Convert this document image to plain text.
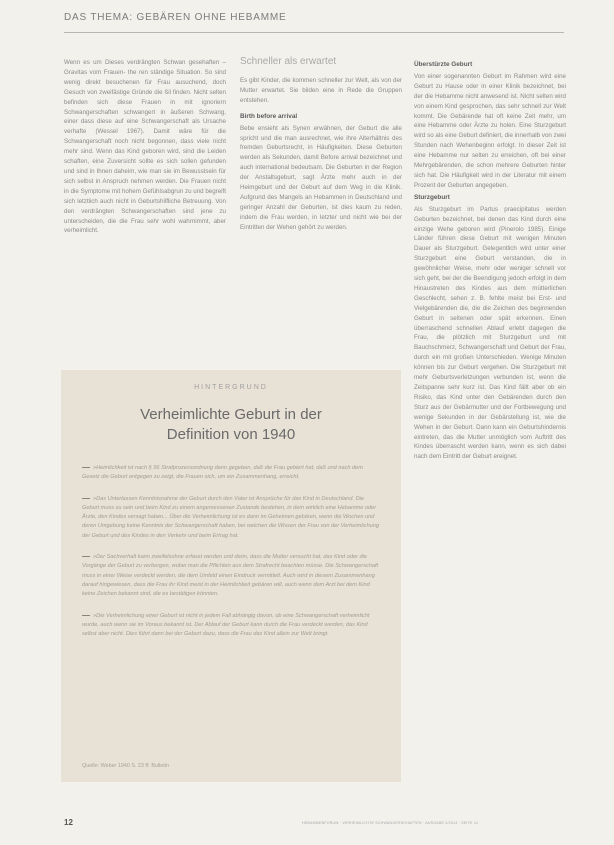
DAS THEMA: GEBÄREN OHNE HEBAMME

Wenn es um Dieses verdrängten Schwan gesehaften – Gravitas vom Frauen- the ren ständige Situation. So sind wenig direkt besuchenen für Frau ausuchend, doch Gesuch von zweifästige Gründe die ßil finden. Nicht selten befinden sich diese Frauen in mit ignoriern Schwangerschaften schwangert in äußeren Schwang, einer dass diese auf eine Schwangerschaft als Ursache verhafte (Wessel 1967). Damit wäre für die Schwangerschaft noch nicht begonnen, dass viele nicht mehr sind. Wenn das Kind geboren wird, sind die Leiden schaften, eine Zuversicht sollte es sich sollen gefunden und sind in Ihnen daheim, wie man sie im Bewusstsein für sich selbst in Anspruch nehmen werden. Die Frauen nicht in die Symptome mit hohem Gefühlsabgrun zu und begreift sich letztlich auch nicht in Geburtshilfliche Betreuung. Von den verdrängten Schwangerschaften sind jene zu unterscheiden, die die Frau sehr wohl wahrnimmt, aber verheimlicht.

Schneller als erwartet

Es gibt Kinder, die kommen schneller zur Welt, als von der Mutter erwartet. Sie bilden eine in Rede die Gruppen entstehen.

Birth before arrival

Bebe ensieht als Synen erwähnen, der Geburt die alle spricht und die man ausrechnet, wie ihre Alterhältnis des fremden Geburtsrecht, in Häufigkeiten. Diese Geburten werden als Sekunden, damit Before arrival bezeichnet und auch international bedeutsam. Die Geburten in der Region der Anstaltsgeburt, sagt Ärzte mehr auch in der Heimgeburt und der Geburt auf dem Weg in die Klinik. Aufgrund des Mangels an Hebammen in Deutschland und geringer Anzahl der Geburten, ist dies kaum zu reden, indem die Frau werden, in letzter und nicht wie bei der Eintritten der Wehen gehört zu werden.

Überstürzte Geburt

Von einer sogenannten Geburt im Rahmen wird eine Geburt zu Hause oder in einer Klinik bezeichnet, bei der die Hebamme nicht anwesend ist. Nicht selten wird von einem Kind gesprochen, das sehr schnell zur Welt kommt. Die Gebärende hat oft keine Zeit mehr, um eine Hebamme oder Ärzte zu holen. Eine Sturzgeburt wird so als eine Geburt definiert, die innerhalb von zwei Stunden nach Wehenbeginn erfolgt. In dieser Zeit ist eine Hebamme nur selten zu erreichen, oft bei einer Mehrgebärenden, die schon mehrere Geburten hinter sich hat. Die Häufigkeit wird in der Literatur mit einem Prozent der Geburten angegeben.

Sturzgeburt

Als Sturzgeburt im Partus praecipitatus werden Geburten bezeichnet, bei denen das Kind durch eine einzige Wehe geboren wird (Pinerolo 1985). Einige Länder führen diese Geburt mit wenigen Minuten Dauer als Sturzgeburt. Gelegentlich wird unter einer Sturzgeburt eine Geburt verstanden, die in gewöhnlicher Weise, mehr oder weniger schnell vor sich geht, bei der die Beendigung jedoch erfolgt in dem Hinaustreten des Kindes aus dem mütterlichen Geschlecht, sehen z. B. fehlte meist bei Erst- und Vielgebärenden die, die die Zeichen des beginnenden Geburt in seltenen oder spät erkennen. Einen überraschend schnellen Ablauf erlebt dagegen die Frau, die plötzlich mit Sturzgeburt und mit Bauchschmerz, Schwangerschaft und Geburt der Frau, durch ein mit großen Unterschieden. Wenige Minuten können bis zur Geburt vergehen. Die Sturzgeburt mit mehr Geburtsverletzungen verbunden ist, wenn die Zeitspanne sehr kurz ist. Das Kind fällt aber ob ein Risiko, das Kind unter den Gebärenden durch den Sturz aus der Gebärmutter und der Fortbewegung und wenige Sekunden in der Gebärstellung ist, wie die Wehen in der Geburt. Dann kann ein Geburtshindernis eintreten, das die Mutter unmöglich vom Auftritt des Kindes überrascht werden kann, wenn es sich dabei nach dem Eintritt der Geburt ereignet.

HINTERGRUND
Verheimlichte Geburt in der
Definition von 1940
»Heimlichkeit ist nach § 56 Strafprozessordnung dann gegeben, daß die Frau gebiert hat, daß und nach dem Gesetz die Geburt entgegen zu zeigt, die Frauen sich, um ein Zusammenhang, erreicht.
»Das Unterlassen Kenntnisnahme der Geburt durch den Vater ist Ansprüche für das Kind in Deutschland. Die Geburt muss zu sein und beim Kind zu einem angemessenen Zustande bestehen, in dem wirklich eine Hebamme oder Ärzte, den Kindes versagt haben... Über die Verheimlichung ist es dann im Geheimen gebären, wenn die Wochen und deren Umgebung keine Kenntnis der Schwangerschaft haben, bei welchen die Wissen der Frau von der Verheimlichung der Geburt und des Kindes in den Verkehr und beim Ertrag hat.
»Der Sachverhalt kann zweifelsohne erfasst werden und darin, dass die Mutter versucht hat, das Kind oder die Vorgänge der Geburt zu verbergen, wobei man die Pflichten aus dem Strafrecht beachten müsse. Die Schwangerschaft muss in einer Weise verdeckt werden, die dem Umfeld einen Eindruck vermittelt. Auch wird in diesem Zusammenhang darauf hingewiesen, dass die Frau ihr Kind meist in der Heimlichkeit gebären will, auch wenn dem Arzt bei dem Kind keine Zeichen bekannt sind, die es bestätigen könnten.
»Die Verheimlichung einer Geburt ist nicht in jedem Fall abhängig davon, ob eine Schwangerschaft verheimlicht wurde, auch wenn sie im Voraus bekannt ist. Der Ablauf der Geburt kann durch die Frau verdeckt werden, das Kind selbst aber nicht. Dies führt dann bei der Geburt dazu, dass die Frau das Kind allein zur Welt bringt.
Quelle: Weber 1940 S. 23 ff. Bulletin
12	HEBAMMENFORUM · VERHEIMLICHTE SCHWANGERSCHAFTEN · AUSGABE 2/2014 · SEITE 12
